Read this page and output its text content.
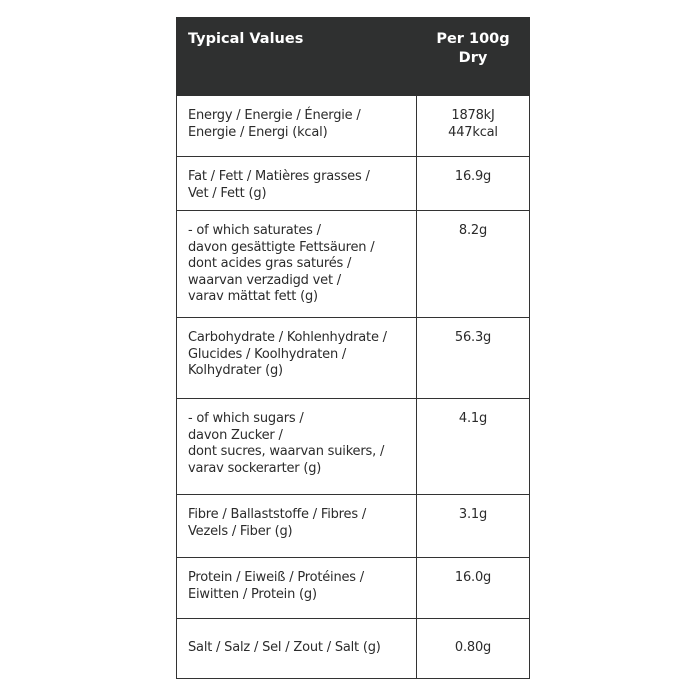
Typical Values	Per 100g
Dry

Energy / Energie / Énergie /
Energie / Energi (kcal)	1878kJ
447kcal

Fat / Fett / Matières grasses /
Vet / Fett (g)	16.9g

- of which saturates /
davon gesättigte Fettsäuren /
dont acides gras saturés /
waarvan verzadigd vet /
varav mättat fett (g)	8.2g

Carbohydrate / Kohlenhydrate /
Glucides / Koolhydraten /
Kolhydrater (g)	56.3g

- of which sugars /
davon Zucker /
dont sucres, waarvan suikers, /
varav sockerarter (g)	4.1g

Fibre / Ballaststoffe / Fibres /
Vezels / Fiber (g)	3.1g

Protein / Eiweiß / Protéines /
Eiwitten / Protein (g)	16.0g

Salt / Salz / Sel / Zout / Salt (g)	0.80g
